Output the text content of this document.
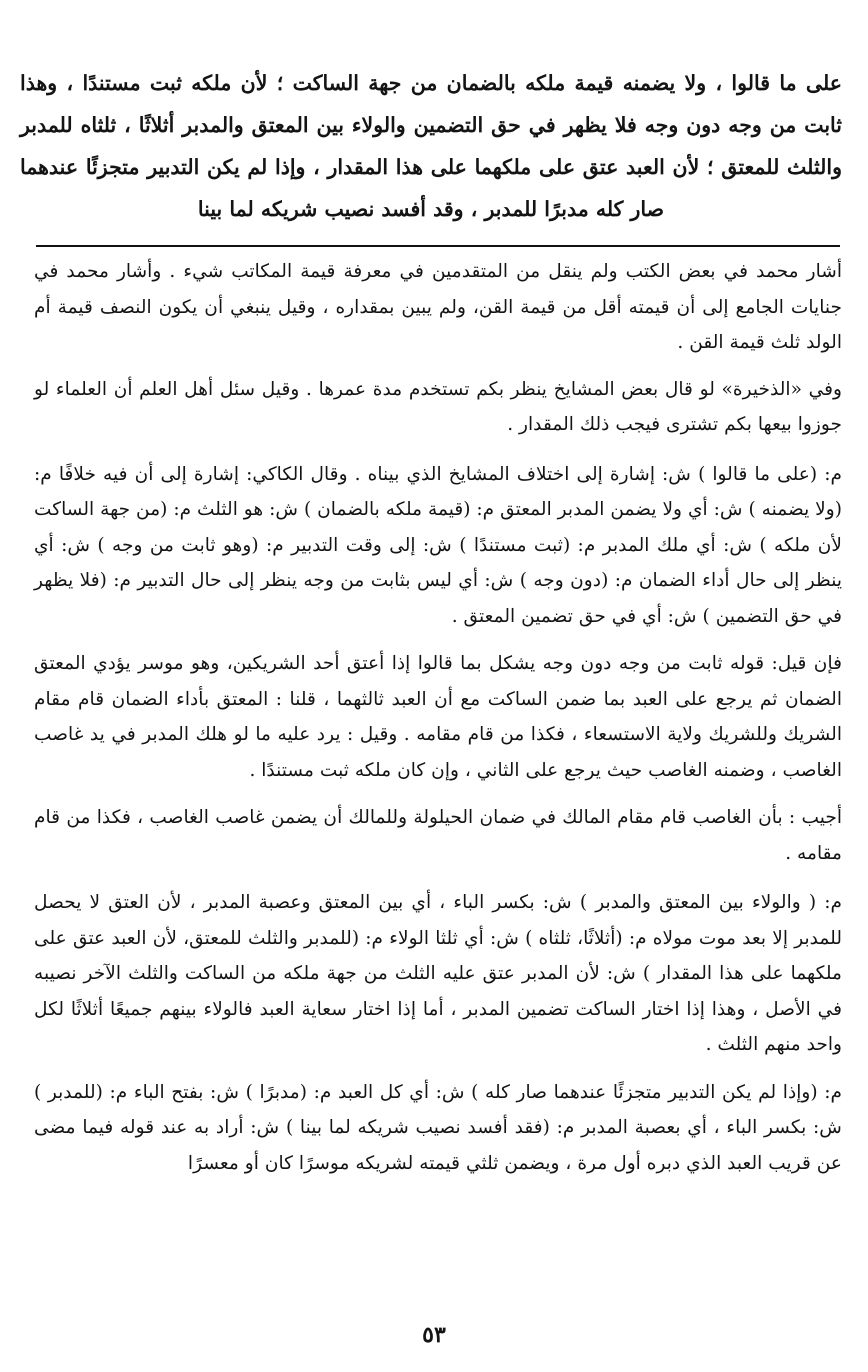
على ما قالوا ، ولا يضمنه قيمة ملكه بالضمان من جهة الساكت ؛ لأن ملكه ثبت مستندًا ، وهذا ثابت من وجه دون وجه فلا يظهر في حق التضمين والولاء بين المعتق والمدبر أثلاثًا ، ثلثاه للمدبر والثلث للمعتق ؛ لأن العبد عتق على ملكهما على هذا المقدار ، وإذا لم يكن التدبير متجزئًا عندهما صار كله مدبرًا للمدبر ، وقد أفسد نصيب شريكه لما بينا

أشار محمد في بعض الكتب ولم ينقل من المتقدمين في معرفة قيمة المكاتب شيء . وأشار محمد في جنايات الجامع إلى أن قيمته أقل من قيمة القن، ولم يبين بمقداره ، وقيل ينبغي أن يكون النصف قيمة أم الولد ثلث قيمة القن .

وفي «الذخيرة» لو قال بعض المشايخ ينظر بكم تستخدم مدة عمرها . وقيل سئل أهل العلم أن العلماء لو جوزوا بيعها بكم تشترى فيجب ذلك المقدار .

م: (على ما قالوا ) ش: إشارة إلى اختلاف المشايخ الذي بيناه . وقال الكاكي: إشارة إلى أن فيه خلافًا م: (ولا يضمنه ) ش: أي ولا يضمن المدبر المعتق م: (قيمة ملكه بالضمان ) ش: هو الثلث م: (من جهة الساكت لأن ملكه ) ش: أي ملك المدبر م: (ثبت مستندًا ) ش: إلى وقت التدبير م: (وهو ثابت من وجه ) ش: أي ينظر إلى حال أداء الضمان م: (دون وجه ) ش: أي ليس بثابت من وجه ينظر إلى حال التدبير م: (فلا يظهر في حق التضمين ) ش: أي في حق تضمين المعتق .

فإن قيل: قوله ثابت من وجه دون وجه يشكل بما قالوا إذا أعتق أحد الشريكين، وهو موسر يؤدي المعتق الضمان ثم يرجع على العبد بما ضمن الساكت مع أن العبد ثالثهما ، قلنا : المعتق بأداء الضمان قام مقام الشريك وللشريك ولاية الاستسعاء ، فكذا من قام مقامه . وقيل : يرد عليه ما لو هلك المدبر في يد غاصب الغاصب ، وضمنه الغاصب حيث يرجع على الثاني ، وإن كان ملكه ثبت مستندًا .

أجيب : بأن الغاصب قام مقام المالك في ضمان الحيلولة وللمالك أن يضمن غاصب الغاصب ، فكذا من قام مقامه .

م: ( والولاء بين المعتق والمدبر ) ش: بكسر الباء ، أي بين المعتق وعصبة المدبر ، لأن العتق لا يحصل للمدبر إلا بعد موت مولاه م: (أثلاثًا، ثلثاه ) ش: أي ثلثا الولاء م: (للمدبر والثلث للمعتق، لأن العبد عتق على ملكهما على هذا المقدار ) ش: لأن المدبر عتق عليه الثلث من جهة ملكه من الساكت والثلث الآخر نصيبه في الأصل ، وهذا إذا اختار الساكت تضمين المدبر ، أما إذا اختار سعاية العبد فالولاء بينهم جميعًا أثلاثًا لكل واحد منهم الثلث .

م: (وإذا لم يكن التدبير متجزئًا عندهما صار كله ) ش: أي كل العبد م: (مدبرًا ) ش: بفتح الباء م: (للمدبر ) ش: بكسر الباء ، أي بعصبة المدبر م: (فقد أفسد نصيب شريكه لما بينا ) ش: أراد به عند قوله فيما مضى عن قريب العبد الذي دبره أول مرة ، ويضمن ثلثي قيمته لشريكه موسرًا كان أو معسرًا

٥٣
